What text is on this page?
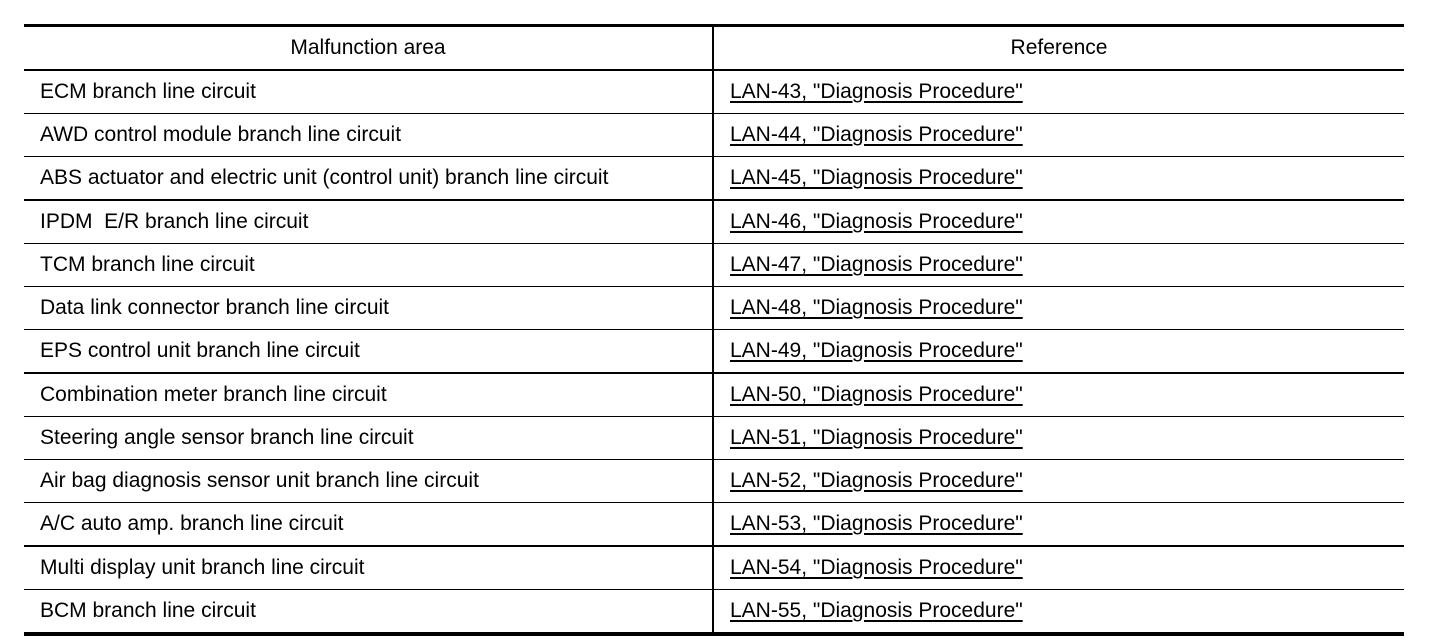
Malfunction area	Reference
ECM branch line circuit	LAN-43, "Diagnosis Procedure"
AWD control module branch line circuit	LAN-44, "Diagnosis Procedure"
ABS actuator and electric unit (control unit) branch line circuit	LAN-45, "Diagnosis Procedure"
IPDM  E/R branch line circuit	LAN-46, "Diagnosis Procedure"
TCM branch line circuit	LAN-47, "Diagnosis Procedure"
Data link connector branch line circuit	LAN-48, "Diagnosis Procedure"
EPS control unit branch line circuit	LAN-49, "Diagnosis Procedure"
Combination meter branch line circuit	LAN-50, "Diagnosis Procedure"
Steering angle sensor branch line circuit	LAN-51, "Diagnosis Procedure"
Air bag diagnosis sensor unit branch line circuit	LAN-52, "Diagnosis Procedure"
A/C auto amp. branch line circuit	LAN-53, "Diagnosis Procedure"
Multi display unit branch line circuit	LAN-54, "Diagnosis Procedure"
BCM branch line circuit	LAN-55, "Diagnosis Procedure"
